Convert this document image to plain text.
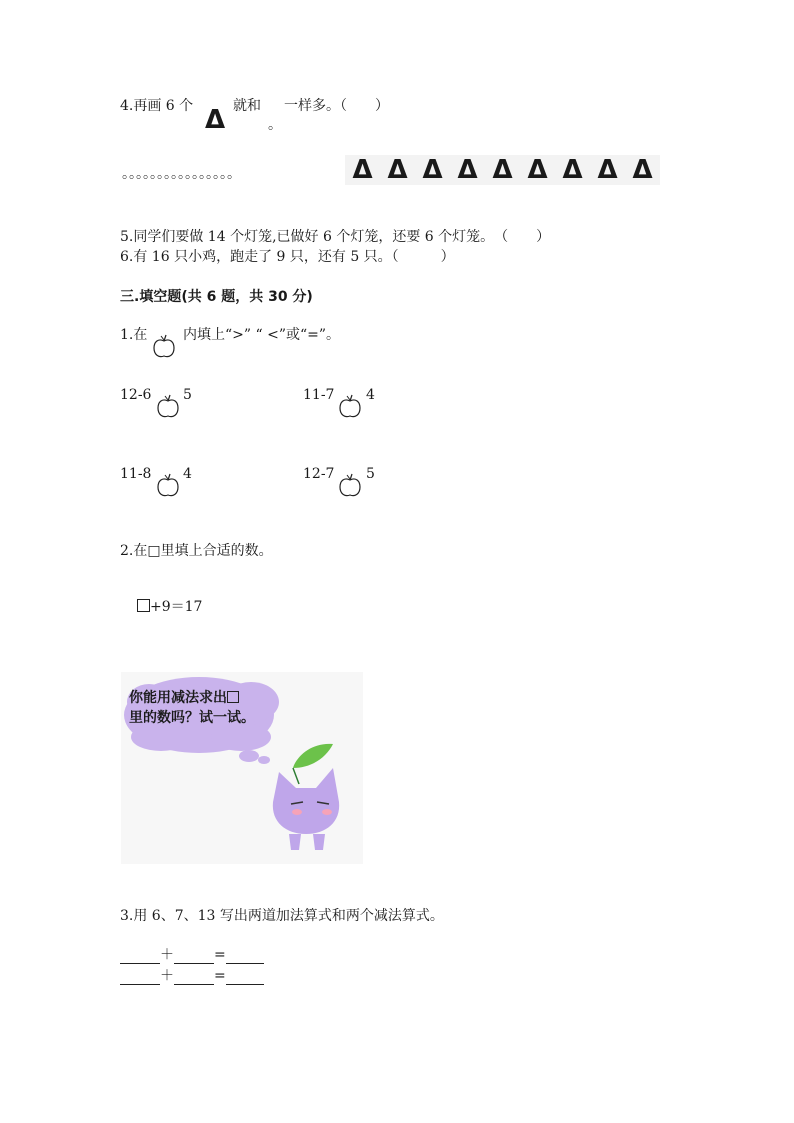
4.再画 6 个 Δ 就和
。
一样多。（　　）
。。。。。。。。。。。。。。。。	Δ Δ Δ Δ Δ Δ Δ Δ Δ
5.同学们要做 14 个灯笼,已做好 6 个灯笼，还要 6 个灯笼。　（　　）
6.有 16 只小鸡，跑走了 9 只，还有 5 只。（　　　）
三.填空题(共 6 题，共 30 分)
1.在	内填上“>” “ <”或“=”。
12-6 5	11-7 4
11-8 4	12-7 5
2.在□里填上合适的数。
+9＝17
你能用减法求出
里的数吗？试一试。
3.用 6、7、13 写出两道加法算式和两个减法算式。
＋	=
＋	=
